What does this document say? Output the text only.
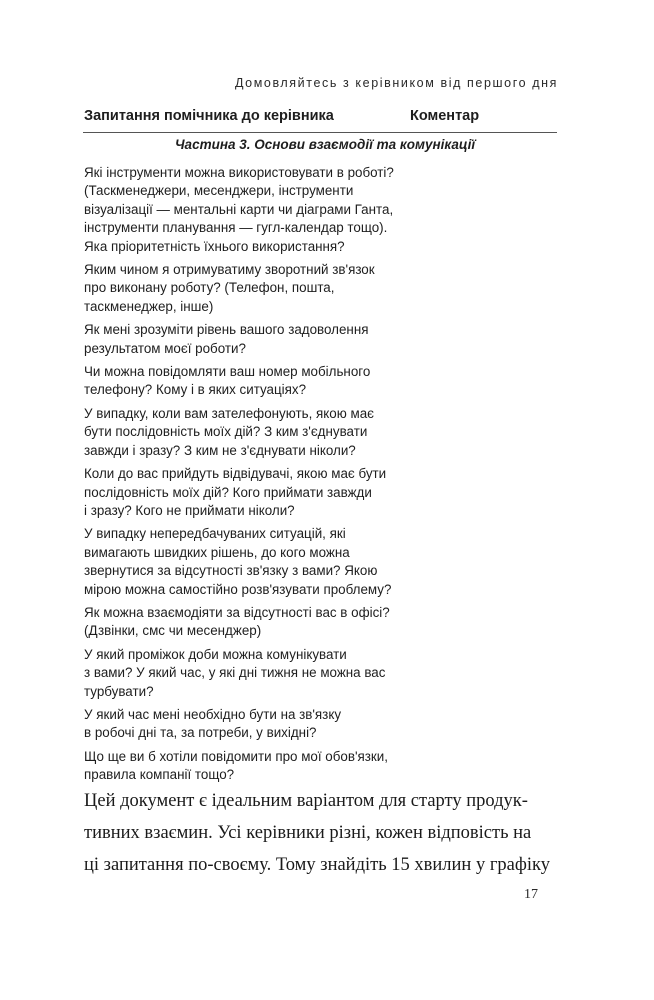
Домовляйтесь з керівником від першого дня
Запитання помічника до керівника	Коментар
Частина 3. Основи взаємодії та комунікації
Які інструменти можна використовувати в роботі?
(Таскменеджери, месенджери, інструменти
візуалізації — ментальні карти чи діаграми Ганта,
інструменти планування — гугл-календар тощо).
Яка пріоритетність їхнього використання?
Яким чином я отримуватиму зворотний зв'язок
про виконану роботу? (Телефон, пошта,
таскменеджер, інше)
Як мені зрозуміти рівень вашого задоволення
результатом моєї роботи?
Чи можна повідомляти ваш номер мобільного
телефону? Кому і в яких ситуаціях?
У випадку, коли вам зателефонують, якою має
бути послідовність моїх дій? З ким з'єднувати
завжди і зразу? З ким не з'єднувати ніколи?
Коли до вас прийдуть відвідувачі, якою має бути
послідовність моїх дій? Кого приймати завжди
і зразу? Кого не приймати ніколи?
У випадку непередбачуваних ситуацій, які
вимагають швидких рішень, до кого можна
звернутися за відсутності зв'язку з вами? Якою
мірою можна самостійно розв'язувати проблему?
Як можна взаємодіяти за відсутності вас в офісі?
(Дзвінки, смс чи месенджер)
У який проміжок доби можна комунікувати
з вами? У який час, у які дні тижня не можна вас
турбувати?
У який час мені необхідно бути на зв'язку
в робочі дні та, за потреби, у вихідні?
Що ще ви б хотіли повідомити про мої обов'язки,
правила компанії тощо?
Цей документ є ідеальним варіантом для старту продук-
тивних взаємин. Усі керівники різні, кожен відповість на
ці запитання по-своєму. Тому знайдіть 15 хвилин у графіку
17
